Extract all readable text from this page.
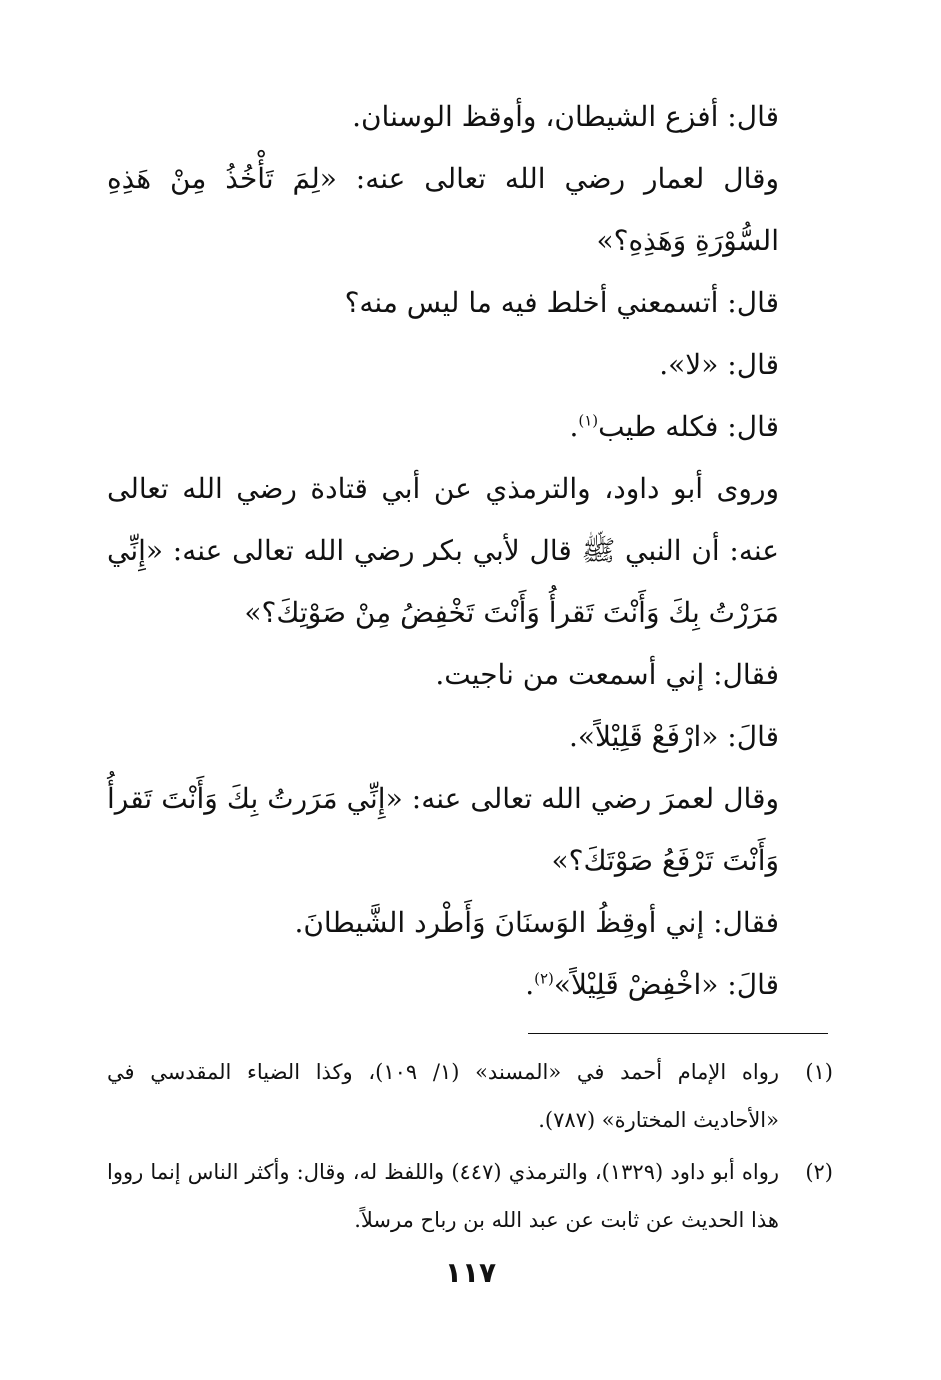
قال: أفزع الشيطان، وأوقظ الوسنان.

وقال لعمار رضي الله تعالى عنه: «لِمَ تَأْخُذُ مِنْ هَذِهِ السُّوْرَةِ وَهَذِهِ؟»

قال: أتسمعني أخلط فيه ما ليس منه؟

قال: «لا».

قال: فكله طيب$^{(١)}$.

وروى أبو داود، والترمذي عن أبي قتادة رضي الله تعالى عنه: أن النبي ﷺ قال لأبي بكر رضي الله تعالى عنه: «إِنِّي مَرَرْتُ بِكَ وَأَنْتَ تَقرأُ وَأَنْتَ تَخْفِضُ مِنْ صَوْتِكَ؟»

فقال: إني أسمعت من ناجيت.

قالَ: «ارْفَعْ قَلِيْلاً».

وقال لعمرَ رضي الله تعالى عنه: «إِنِّي مَرَرتُ بِكَ وَأَنْتَ تَقرأُ وَأَنْتَ تَرْفَعُ صَوْتَكَ؟»

فقال: إني أوقِظُ الوَسنَانَ وَأَطْرد الشَّيطانَ.

قالَ: «اخْفِضْ قَلِيْلاً»$^{(٢)}$.

(١)
رواه الإمام أحمد في «المسند» (١/ ١٠٩)، وكذا الضياء المقدسي في «الأحاديث المختارة» (٧٨٧).
(٢)
رواه أبو داود (١٣٢٩)، والترمذي (٤٤٧) واللفظ له، وقال: وأكثر الناس إنما رووا هذا الحديث عن ثابت عن عبد الله بن رباح مرسلاً.
١١٧
